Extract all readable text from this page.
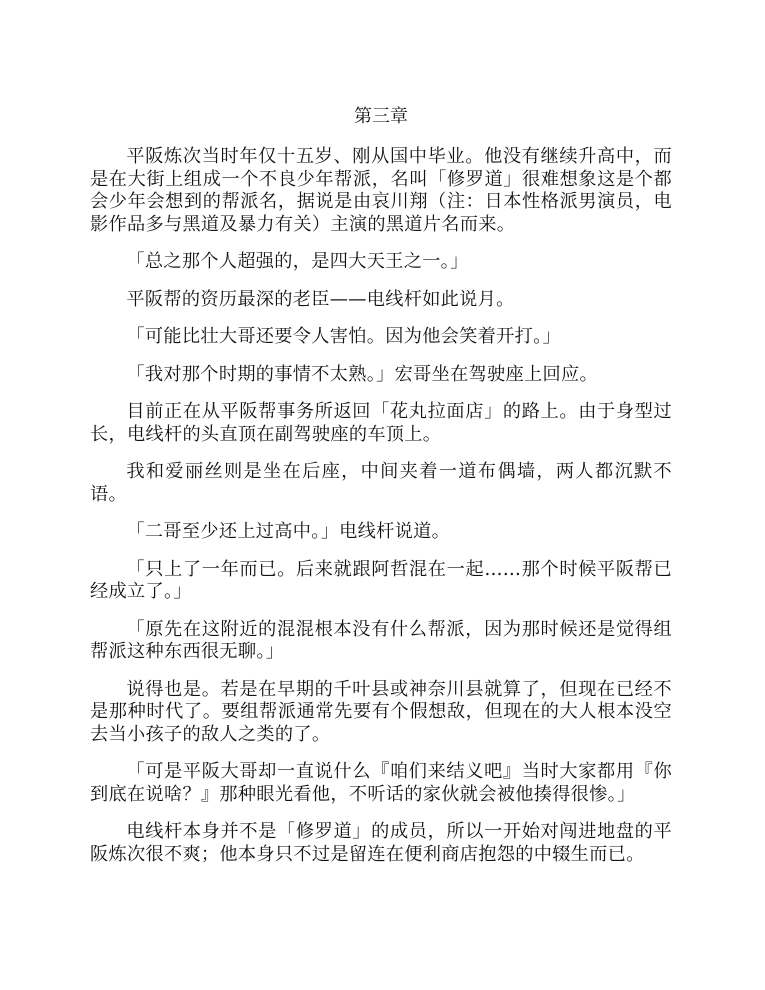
第三章

平阪炼次当时年仅十五岁、刚从国中毕业。他没有继续升高中，而是在大街上组成一个不良少年帮派，名叫「修罗道」很难想象这是个都会少年会想到的帮派名，据说是由哀川翔（注：日本性格派男演员，电影作品多与黑道及暴力有关）主演的黑道片名而来。

「总之那个人超强的，是四大天王之一。」

平阪帮的资历最深的老臣——电线杆如此说月。

「可能比壮大哥还要令人害怕。因为他会笑着开打。」

「我对那个时期的事情不太熟。」宏哥坐在驾驶座上回应。

目前正在从平阪帮事务所返回「花丸拉面店」的路上。由于身型过长，电线杆的头直顶在副驾驶座的车顶上。

我和爱丽丝则是坐在后座，中间夹着一道布偶墙，两人都沉默不语。

「二哥至少还上过高中。」电线杆说道。

「只上了一年而已。后来就跟阿哲混在一起……那个时候平阪帮已经成立了。」

「原先在这附近的混混根本没有什么帮派，因为那时候还是觉得组帮派这种东西很无聊。」

说得也是。若是在早期的千叶县或神奈川县就算了，但现在已经不是那种时代了。要组帮派通常先要有个假想敌，但现在的大人根本没空去当小孩子的敌人之类的了。

「可是平阪大哥却一直说什么『咱们来结义吧』当时大家都用『你到底在说啥？』那种眼光看他，不听话的家伙就会被他揍得很惨。」

电线杆本身并不是「修罗道」的成员，所以一开始对闯进地盘的平阪炼次很不爽；他本身只不过是留连在便利商店抱怨的中辍生而已。
